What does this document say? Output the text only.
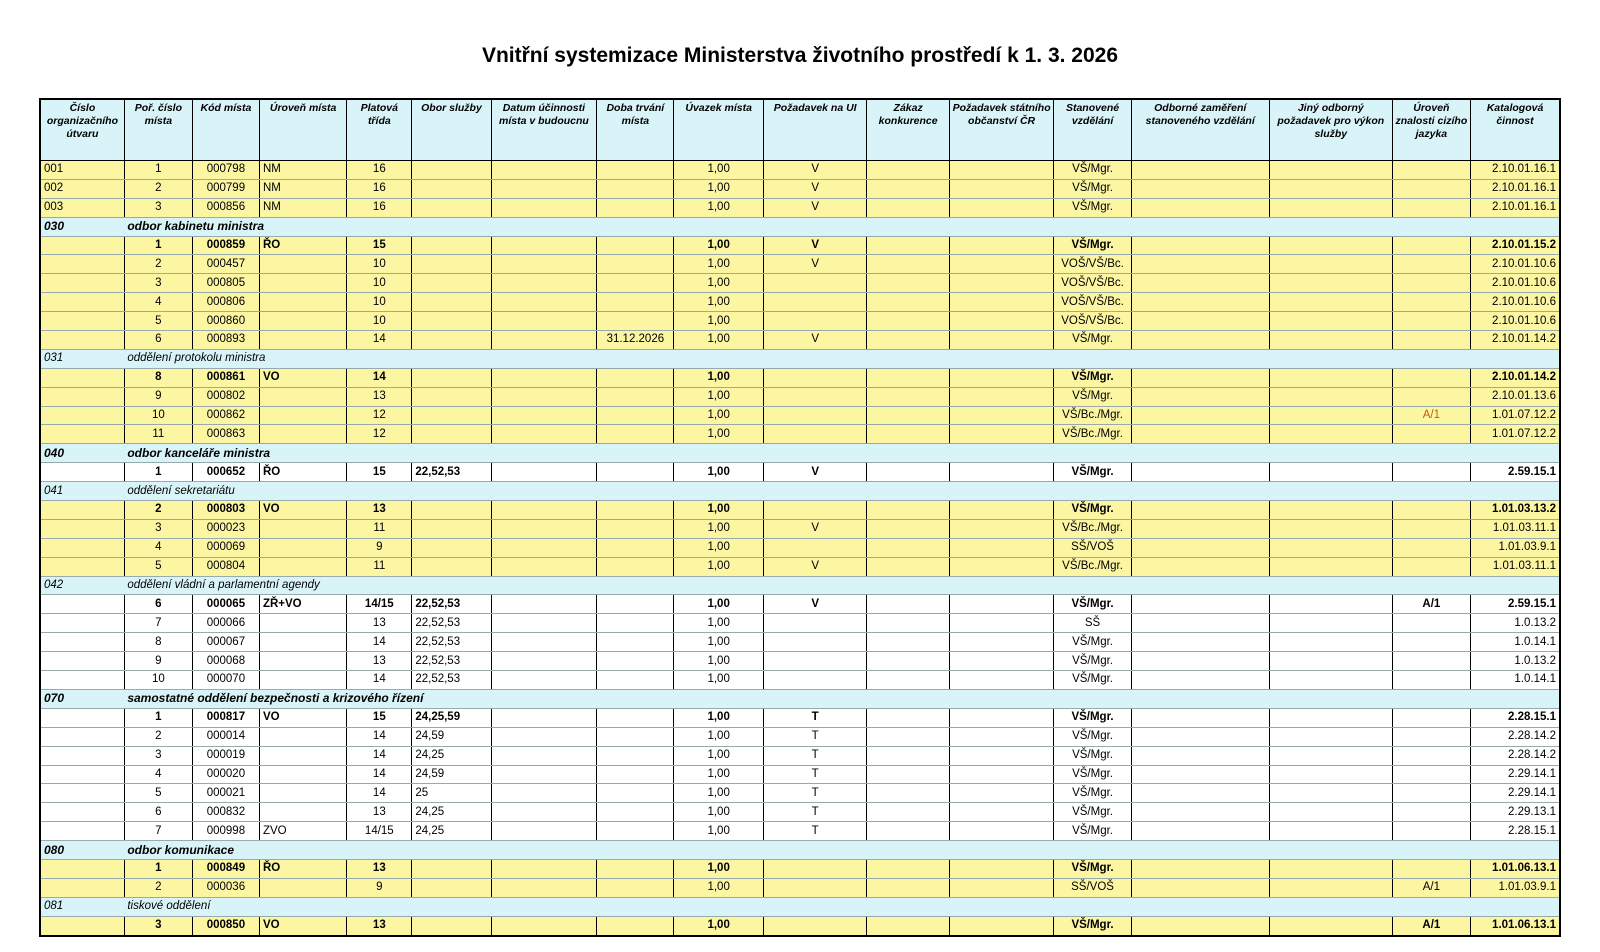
Vnitřní systemizace Ministerstva životního prostředí k 1. 3. 2026
Číslo organizačního útvaru	Poř. číslo místa	Kód místa	Úroveň místa	Platová třída	Obor služby	Datum účinnosti místa v budoucnu	Doba trvání místa	Úvazek místa	Požadavek na UI	Zákaz konkurence	Požadavek státního občanství ČR	Stanovené vzdělání	Odborné zaměření stanoveného vzdělání	Jiný odborný požadavek pro výkon služby	Úroveň znalosti cizího jazyka	Katalogová činnost
001	1	000798	NM	16				1,00	V			VŠ/Mgr.				2.10.01.16.1
002	2	000799	NM	16				1,00	V			VŠ/Mgr.				2.10.01.16.1
003	3	000856	NM	16				1,00	V			VŠ/Mgr.				2.10.01.16.1
030	odbor kabinetu ministra															
	1	000859	ŘO	15				1,00	V			VŠ/Mgr.				2.10.01.15.2
	2	000457		10				1,00	V			VOŠ/VŠ/Bc.				2.10.01.10.6
	3	000805		10				1,00				VOŠ/VŠ/Bc.				2.10.01.10.6
	4	000806		10				1,00				VOŠ/VŠ/Bc.				2.10.01.10.6
	5	000860		10				1,00				VOŠ/VŠ/Bc.				2.10.01.10.6
	6	000893		14			31.12.2026	1,00	V			VŠ/Mgr.				2.10.01.14.2
031	oddělení protokolu ministra															
	8	000861	VO	14				1,00				VŠ/Mgr.				2.10.01.14.2
	9	000802		13				1,00				VŠ/Mgr.				2.10.01.13.6
	10	000862		12				1,00				VŠ/Bc./Mgr.			A/1	1.01.07.12.2
	11	000863		12				1,00				VŠ/Bc./Mgr.				1.01.07.12.2
040	odbor kanceláře ministra															
	1	000652	ŘO	15	22,52,53			1,00	V			VŠ/Mgr.				2.59.15.1
041	oddělení sekretariátu															
	2	000803	VO	13				1,00				VŠ/Mgr.				1.01.03.13.2
	3	000023		11				1,00	V			VŠ/Bc./Mgr.				1.01.03.11.1
	4	000069		9				1,00				SŠ/VOŠ				1.01.03.9.1
	5	000804		11				1,00	V			VŠ/Bc./Mgr.				1.01.03.11.1
042	oddělení vládní a parlamentní agendy															
	6	000065	ZŘ+VO	14/15	22,52,53			1,00	V			VŠ/Mgr.			A/1	2.59.15.1
	7	000066		13	22,52,53			1,00				SŠ				1.0.13.2
	8	000067		14	22,52,53			1,00				VŠ/Mgr.				1.0.14.1
	9	000068		13	22,52,53			1,00				VŠ/Mgr.				1.0.13.2
	10	000070		14	22,52,53			1,00				VŠ/Mgr.				1.0.14.1
070	samostatné oddělení bezpečnosti a krizového řízení															
	1	000817	VO	15	24,25,59			1,00	T			VŠ/Mgr.				2.28.15.1
	2	000014		14	24,59			1,00	T			VŠ/Mgr.				2.28.14.2
	3	000019		14	24,25			1,00	T			VŠ/Mgr.				2.28.14.2
	4	000020		14	24,59			1,00	T			VŠ/Mgr.				2.29.14.1
	5	000021		14	25			1,00	T			VŠ/Mgr.				2.29.14.1
	6	000832		13	24,25			1,00	T			VŠ/Mgr.				2.29.13.1
	7	000998	ZVO	14/15	24,25			1,00	T			VŠ/Mgr.				2.28.15.1
080	odbor komunikace															
	1	000849	ŘO	13				1,00				VŠ/Mgr.				1.01.06.13.1
	2	000036		9				1,00				SŠ/VOŠ			A/1	1.01.03.9.1
081	tiskové oddělení															
	3	000850	VO	13				1,00				VŠ/Mgr.			A/1	1.01.06.13.1
